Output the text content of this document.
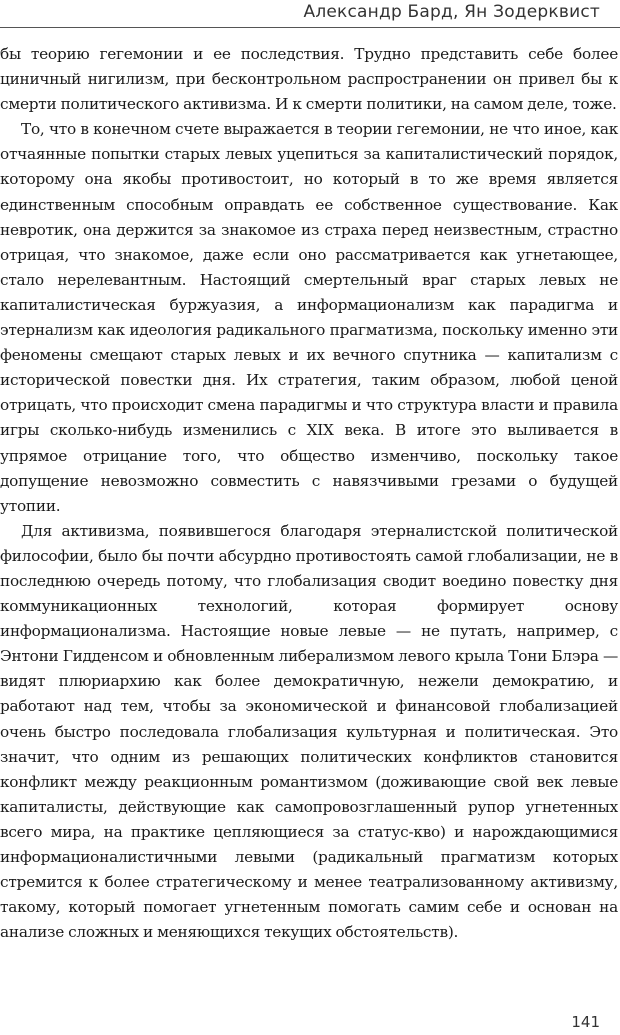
Александр Бард, Ян Зодерквист

бы теорию гегемонии и ее последствия. Трудно представить себе более циничный нигилизм, при бесконтрольном распространении он привел бы к смерти политического активизма. И к смерти политики, на самом деле, тоже.

То, что в конечном счете выражается в теории гегемонии, не что иное, как отчаянные попытки старых левых уцепиться за капиталистический порядок, которому она якобы противостоит, но который в то же время является единственным способным оправдать ее собственное существование. Как невротик, она держится за знакомое из страха перед неизвестным, страстно отрицая, что знакомое, даже если оно рассматривается как угнетающее, стало нерелевантным. Настоящий смертельный враг старых левых не капиталистическая буржуазия, а информационализм как парадигма и этернализм как идеология радикального прагматизма, поскольку именно эти феномены смещают старых левых и их вечного спутника — капитализм с исторической повестки дня. Их стратегия, таким образом, любой ценой отрицать, что происходит смена парадигмы и что структура власти и правила игры сколько-нибудь изменились с XIX века. В итоге это выливается в упрямое отрицание того, что общество изменчиво, поскольку такое допущение невозможно совместить с навязчивыми грезами о будущей утопии.

Для активизма, появившегося благодаря этерналистской политической философии, было бы почти абсурдно противостоять самой глобализации, не в последнюю очередь потому, что глобализация сводит воедино повестку дня коммуникационных технологий, которая формирует основу информационализма. Настоящие новые левые — не путать, например, с Энтони Гидденсом и обновленным либерализмом левого крыла Тони Блэра — видят плюриархию как более демократичную, нежели демократию, и работают над тем, чтобы за экономической и финансовой глобализацией очень быстро последовала глобализация культурная и политическая. Это значит, что одним из решающих политических конфликтов становится конфликт между реакционным романтизмом (доживающие свой век левые капиталисты, действующие как самопровозглашенный рупор угнетенных всего мира, на практике цепляющиеся за статус-кво) и нарождающимися информационалистичными левыми (радикальный прагматизм которых стремится к более стратегическому и менее театрализованному активизму, такому, который помогает угнетенным помогать самим себе и основан на анализе сложных и меняющихся текущих обстоятельств).

141
